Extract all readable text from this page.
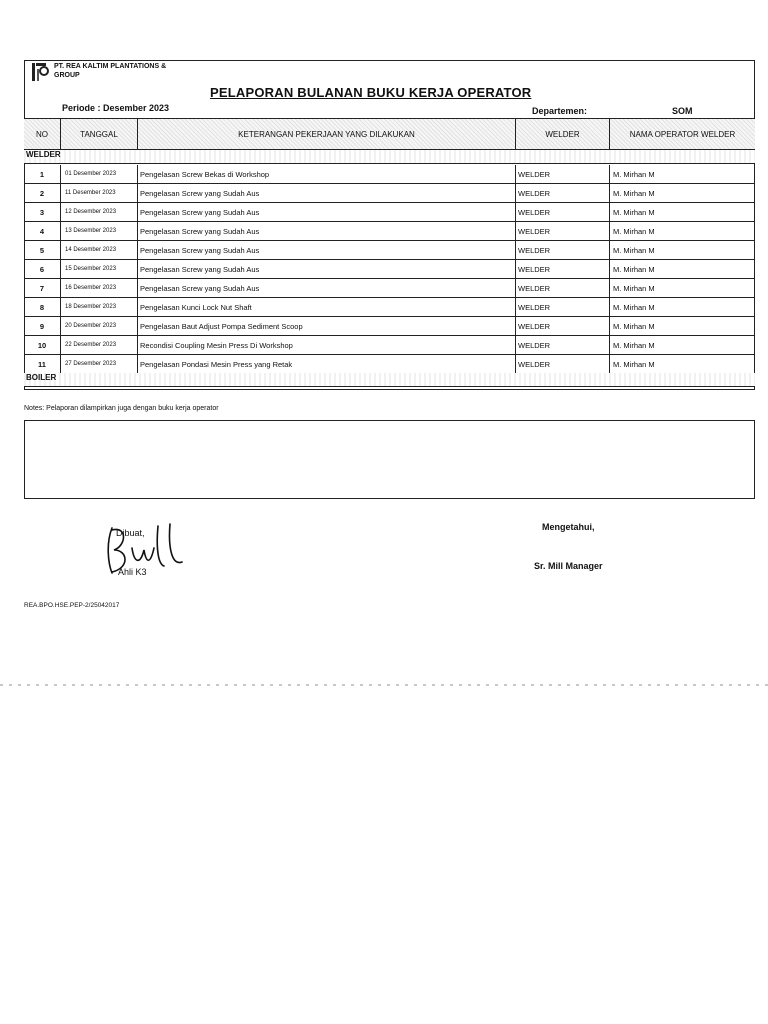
PT. REA KALTIM PLANTATIONS & GROUP
PELAPORAN BULANAN BUKU KERJA OPERATOR
Periode : Desember 2023	Departemen:	SOM
NO	TANGGAL	KETERANGAN PEKERJAAN YANG DILAKUKAN	WELDER	NAMA OPERATOR WELDER
WELDER
1	01 Desember 2023	Pengelasan Screw Bekas di Workshop	WELDER	M. Mirhan M
2	11 Desember 2023	Pengelasan Screw yang Sudah Aus	WELDER	M. Mirhan M
3	12 Desember 2023	Pengelasan Screw yang Sudah Aus	WELDER	M. Mirhan M
4	13 Desember 2023	Pengelasan Screw yang Sudah Aus	WELDER	M. Mirhan M
5	14 Desember 2023	Pengelasan Screw yang Sudah Aus	WELDER	M. Mirhan M
6	15 Desember 2023	Pengelasan Screw yang Sudah Aus	WELDER	M. Mirhan M
7	16 Desember 2023	Pengelasan Screw yang Sudah Aus	WELDER	M. Mirhan M
8	18 Desember 2023	Pengelasan Kunci Lock Nut Shaft	WELDER	M. Mirhan M
9	20 Desember 2023	Pengelasan Baut Adjust Pompa Sediment Scoop	WELDER	M. Mirhan M
10	22 Desember 2023	Recondisi Coupling Mesin Press Di Workshop	WELDER	M. Mirhan M
11	27 Desember 2023	Pengelasan Pondasi Mesin Press yang Retak	WELDER	M. Mirhan M
BOILER
Notes: Pelaporan dilampirkan juga dengan buku kerja operator
Dibuat,
Ahli K3
Mengetahui,
Sr. Mill Manager
REA.BPO.HSE.PEP-2/25042017
